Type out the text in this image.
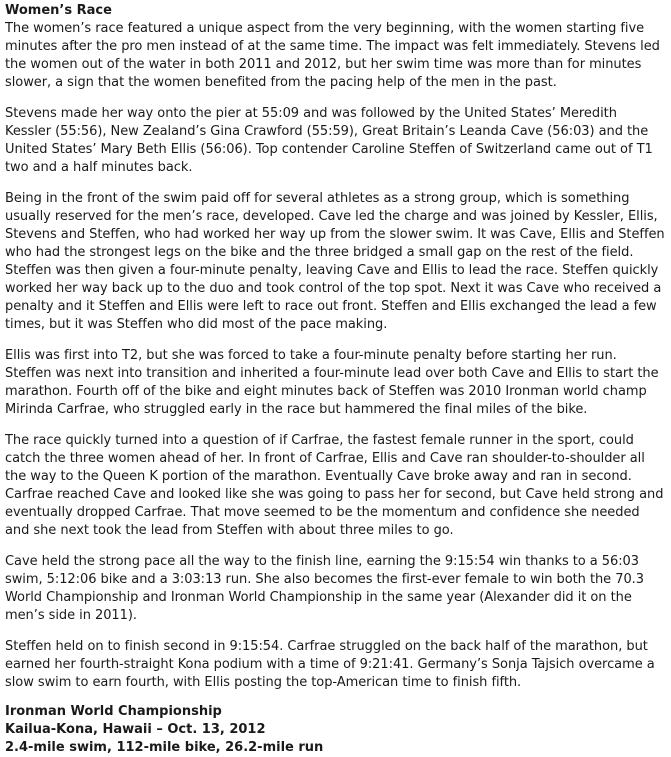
Women’s Race

The women’s race featured a unique aspect from the very beginning, with the women starting five minutes after the pro men instead of at the same time. The impact was felt immediately. Stevens led the women out of the water in both 2011 and 2012, but her swim time was more than for minutes slower, a sign that the women benefited from the pacing help of the men in the past.

Stevens made her way onto the pier at 55:09 and was followed by the United States’ Meredith Kessler (55:56), New Zealand’s Gina Crawford (55:59), Great Britain’s Leanda Cave (56:03) and the United States’ Mary Beth Ellis (56:06). Top contender Caroline Steffen of Switzerland came out of T1 two and a half minutes back.

Being in the front of the swim paid off for several athletes as a strong group, which is something usually reserved for the men’s race, developed. Cave led the charge and was joined by Kessler, Ellis, Stevens and Steffen, who had worked her way up from the slower swim. It was Cave, Ellis and Steffen who had the strongest legs on the bike and the three bridged a small gap on the rest of the field. Steffen was then given a four-minute penalty, leaving Cave and Ellis to lead the race. Steffen quickly worked her way back up to the duo and took control of the top spot. Next it was Cave who received a penalty and it Steffen and Ellis were left to race out front. Steffen and Ellis exchanged the lead a few times, but it was Steffen who did most of the pace making.

Ellis was first into T2, but she was forced to take a four-minute penalty before starting her run. Steffen was next into transition and inherited a four-minute lead over both Cave and Ellis to start the marathon. Fourth off of the bike and eight minutes back of Steffen was 2010 Ironman world champ Mirinda Carfrae, who struggled early in the race but hammered the final miles of the bike.

The race quickly turned into a question of if Carfrae, the fastest female runner in the sport, could catch the three women ahead of her. In front of Carfrae, Ellis and Cave ran shoulder-to-shoulder all the way to the Queen K portion of the marathon. Eventually Cave broke away and ran in second. Carfrae reached Cave and looked like she was going to pass her for second, but Cave held strong and eventually dropped Carfrae. That move seemed to be the momentum and confidence she needed and she next took the lead from Steffen with about three miles to go.

Cave held the strong pace all the way to the finish line, earning the 9:15:54 win thanks to a 56:03 swim, 5:12:06 bike and a 3:03:13 run. She also becomes the first-ever female to win both the 70.3 World Championship and Ironman World Championship in the same year (Alexander did it on the men’s side in 2011).

Steffen held on to finish second in 9:15:54. Carfrae struggled on the back half of the marathon, but earned her fourth-straight Kona podium with a time of 9:21:41. Germany’s Sonja Tajsich overcame a slow swim to earn fourth, with Ellis posting the top-American time to finish fifth.

Ironman World Championship
Kailua-Kona, Hawaii – Oct. 13, 2012
2.4-mile swim, 112-mile bike, 26.2-mile run
